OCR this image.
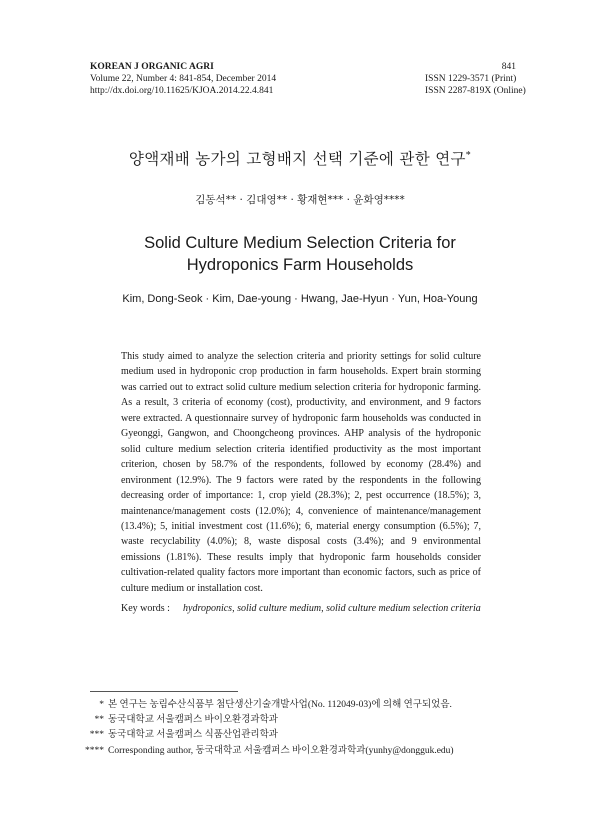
KOREAN J ORGANIC AGRI
Volume 22, Number 4: 841-854, December 2014
http://dx.doi.org/10.11625/KJOA.2014.22.4.841
841
ISSN 1229-3571 (Print)
ISSN 2287-819X (Online)
양액재배 농가의 고형배지 선택 기준에 관한 연구*
김동석** · 김대영** · 황재현*** · 윤화영****
Solid Culture Medium Selection Criteria for
Hydroponics Farm Households
Kim, Dong-Seok · Kim, Dae-young · Hwang, Jae-Hyun · Yun, Hoa-Young
This study aimed to analyze the selection criteria and priority settings for solid culture medium used in hydroponic crop production in farm households. Expert brain storming was carried out to extract solid culture medium selection criteria for hydroponic farming. As a result, 3 criteria of economy (cost), productivity, and environment, and 9 factors were extracted. A questionnaire survey of hydroponic farm households was conducted in Gyeonggi, Gangwon, and Choongcheong provinces. AHP analysis of the hydroponic solid culture medium selection criteria identified productivity as the most important criterion, chosen by 58.7% of the respondents, followed by economy (28.4%) and environment (12.9%). The 9 factors were rated by the respondents in the following decreasing order of importance: 1, crop yield (28.3%); 2, pest occurrence (18.5%); 3, maintenance/management costs (12.0%); 4, convenience of maintenance/management (13.4%); 5, initial investment cost (11.6%); 6, material energy consumption (6.5%); 7, waste recyclability (4.0%); 8, waste disposal costs (3.4%); and 9 environmental emissions (1.81%). These results imply that hydroponic farm households consider cultivation-related quality factors more important than economic factors, such as price of culture medium or installation cost.
Key words :	hydroponics, solid culture medium, solid culture medium selection criteria
* 본 연구는 농림수산식품부 첨단생산기술개발사업(No. 112049-03)에 의해 연구되었음.
** 동국대학교 서울캠퍼스 바이오환경과학과
*** 동국대학교 서울캠퍼스 식품산업관리학과
**** Corresponding author, 동국대학교 서울캠퍼스 바이오환경과학과(yunhy@dongguk.edu)
